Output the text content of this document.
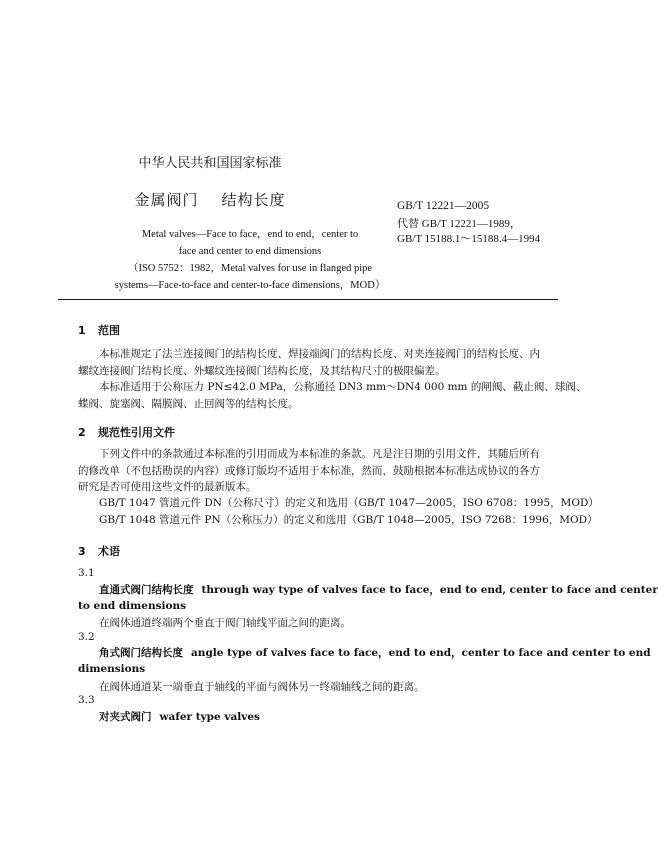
中华人民共和国国家标准
金属阀门    结构长度
Metal valves—Face to face，end to end，center to
face and center to end dimensions
（ISO 5752：1982，Metal valves for use in flanged pipe
systems—Face-to-face and center-to-face dimensions，MOD）
GB/T 12221—2005
代替 GB/T 12221—1989，
GB/T 15188.1～15188.4—1994
1 范围
本标准规定了法兰连接阀门的结构长度、焊接端阀门的结构长度、对夹连接阀门的结构长度、内
螺纹连接阀门结构长度、外螺纹连接阀门结构长度，及其结构尺寸的极限偏差。
本标准适用于公称压力 PN≤42.0 MPa，公称通径 DN3 mm～DN4 000 mm 的闸阀、截止阀、球阀、
蝶阀、旋塞阀、隔膜阀、止回阀等的结构长度。
2 规范性引用文件
下列文件中的条款通过本标准的引用而成为本标准的条款。凡是注日期的引用文件，其随后所有
的修改单（不包括勘误的内容）或修订版均不适用于本标准，然而，鼓励根据本标准达成协议的各方
研究是否可使用这些文件的最新版本。
GB/T 1047 管道元件 DN（公称尺寸）的定义和选用（GB/T 1047—2005，ISO 6708：1995，MOD）
GB/T 1048 管道元件 PN（公称压力）的定义和选用（GB/T 1048—2005，ISO 7268：1996，MOD）
3 术语
3.1
直通式阀门结构长度 through way type of valves face to face，end to end, center to face and center
to end dimensions
在阀体通道终端两个垂直于阀门轴线平面之间的距离。
3.2
角式阀门结构长度 angle type of valves face to face，end to end，center to face and center to end
dimensions
在阀体通道某一端垂直于轴线的平面与阀体另一终端轴线之间的距离。
3.3
对夹式阀门 wafer type valves
